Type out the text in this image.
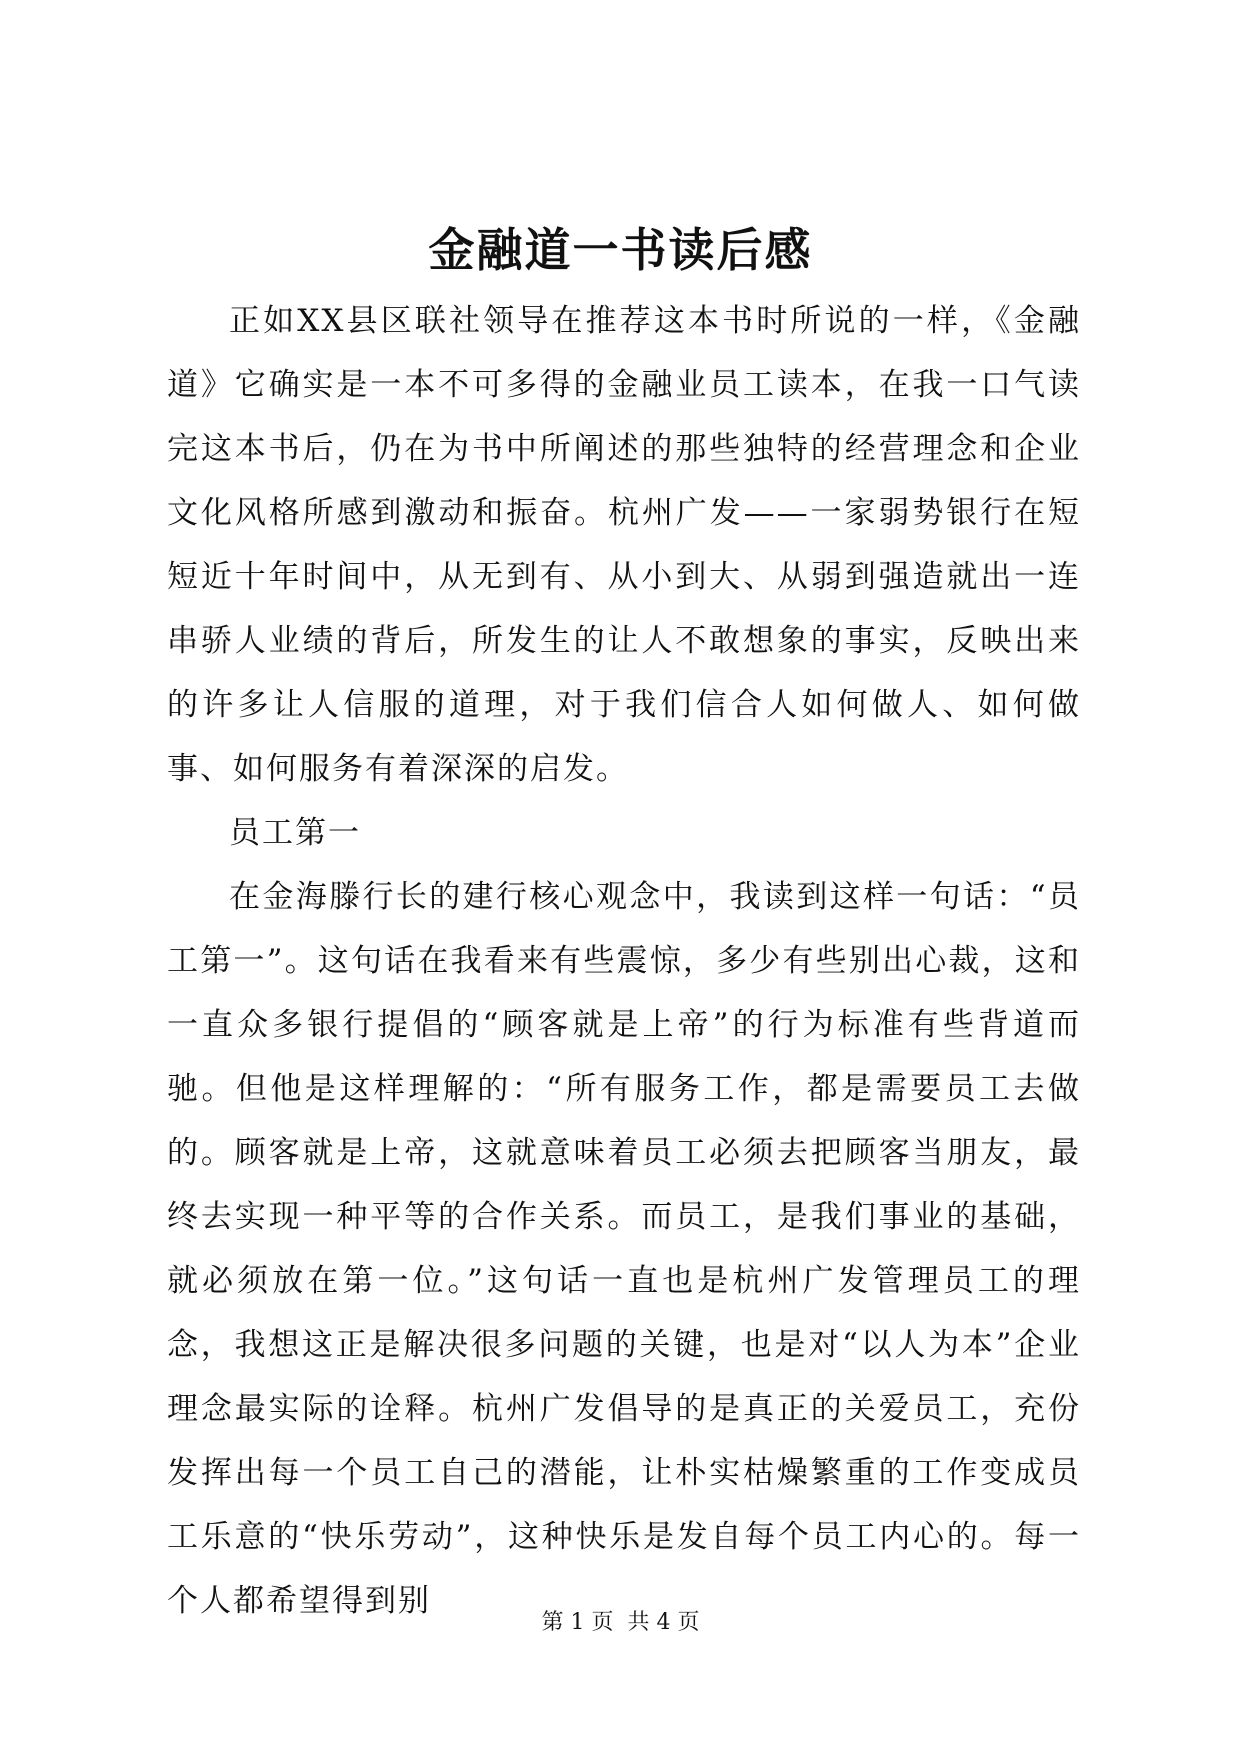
金融道一书读后感

正如XX县区联社领导在推荐这本书时所说的一样，《金融道》它确实是一本不可多得的金融业员工读本，在我一口气读完这本书后，仍在为书中所阐述的那些独特的经营理念和企业文化风格所感到激动和振奋。杭州广发——一家弱势银行在短短近十年时间中，从无到有、从小到大、从弱到强造就出一连串骄人业绩的背后，所发生的让人不敢想象的事实，反映出来的许多让人信服的道理，对于我们信合人如何做人、如何做事、如何服务有着深深的启发。

员工第一

在金海滕行长的建行核心观念中，我读到这样一句话：“员工第一”。这句话在我看来有些震惊，多少有些别出心裁，这和一直众多银行提倡的“顾客就是上帝”的行为标准有些背道而驰。但他是这样理解的：“所有服务工作，都是需要员工去做的。顾客就是上帝，这就意味着员工必须去把顾客当朋友，最终去实现一种平等的合作关系。而员工，是我们事业的基础，就必须放在第一位。”这句话一直也是杭州广发管理员工的理念，我想这正是解决很多问题的关键，也是对“以人为本”企业理念最实际的诠释。杭州广发倡导的是真正的关爱员工，充份发挥出每一个员工自己的潜能，让朴实枯燥繁重的工作变成员工乐意的“快乐劳动”，这种快乐是发自每个员工内心的。每一个人都希望得到别

第 1 页  共 4 页
